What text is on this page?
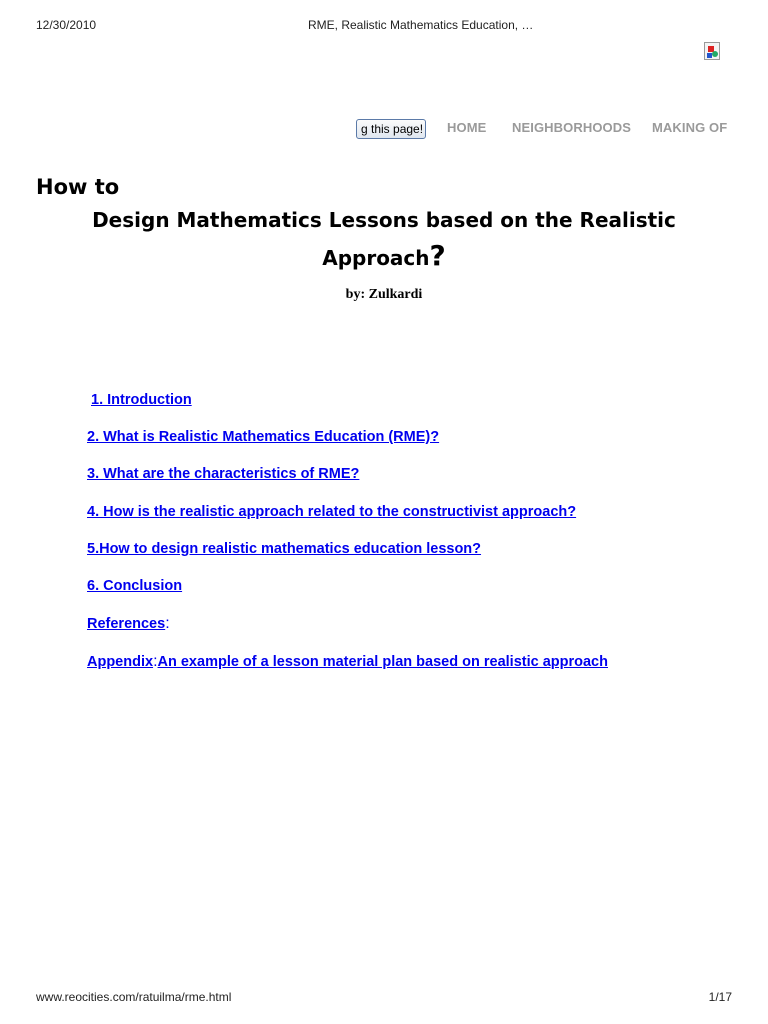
12/30/2010	RME, Realistic Mathematics Education, …
g this page! HOME NEIGHBORHOODS MAKING OF
How to
Design Mathematics Lessons based on the Realistic Approach?
by: Zulkardi
1. Introduction
2. What is Realistic Mathematics Education (RME)?
3. What are the characteristics of RME?
4. How is the realistic approach related to the constructivist approach?
5.How to design realistic mathematics education lesson?
6. Conclusion
References:
Appendix:An example of a lesson material plan based on realistic approach
www.reocities.com/ratuilma/rme.html	1/17
